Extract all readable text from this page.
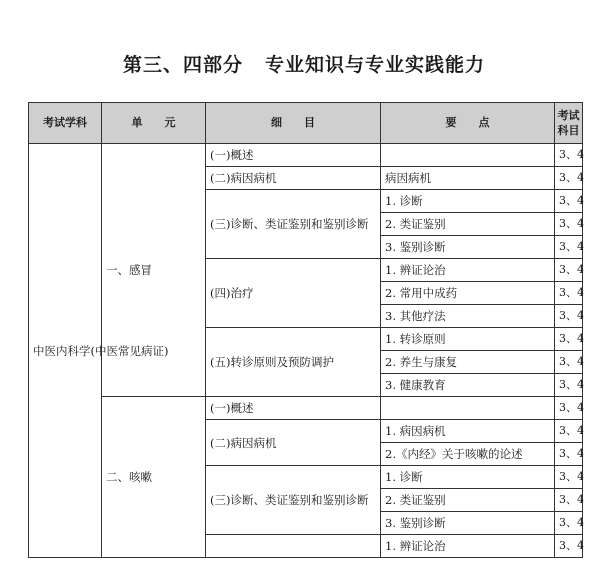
第三、四部分 专业知识与专业实践能力
考试学科	单　　元	细　　目	要　　点	考试科目
中医内科学(中医常见病证)	一、感冒	(一)概述		3、4
		(二)病因病机	病因病机	3、4
		(三)诊断、类证鉴别和鉴别诊断	1. 诊断	3、4
			2. 类证鉴别	3、4
			3. 鉴别诊断	3、4
		(四)治疗	1. 辨证论治	3、4
			2. 常用中成药	3、4
			3. 其他疗法	3、4
		(五)转诊原则及预防调护	1. 转诊原则	3、4
			2. 养生与康复	3、4
			3. 健康教育	3、4
	二、咳嗽	(一)概述		3、4
		(二)病因病机	1. 病因病机	3、4
			2.《内经》关于咳嗽的论述	3、4
		(三)诊断、类证鉴别和鉴别诊断	1. 诊断	3、4
			2. 类证鉴别	3、4
			3. 鉴别诊断	3、4
			1. 辨证论治	3、4
